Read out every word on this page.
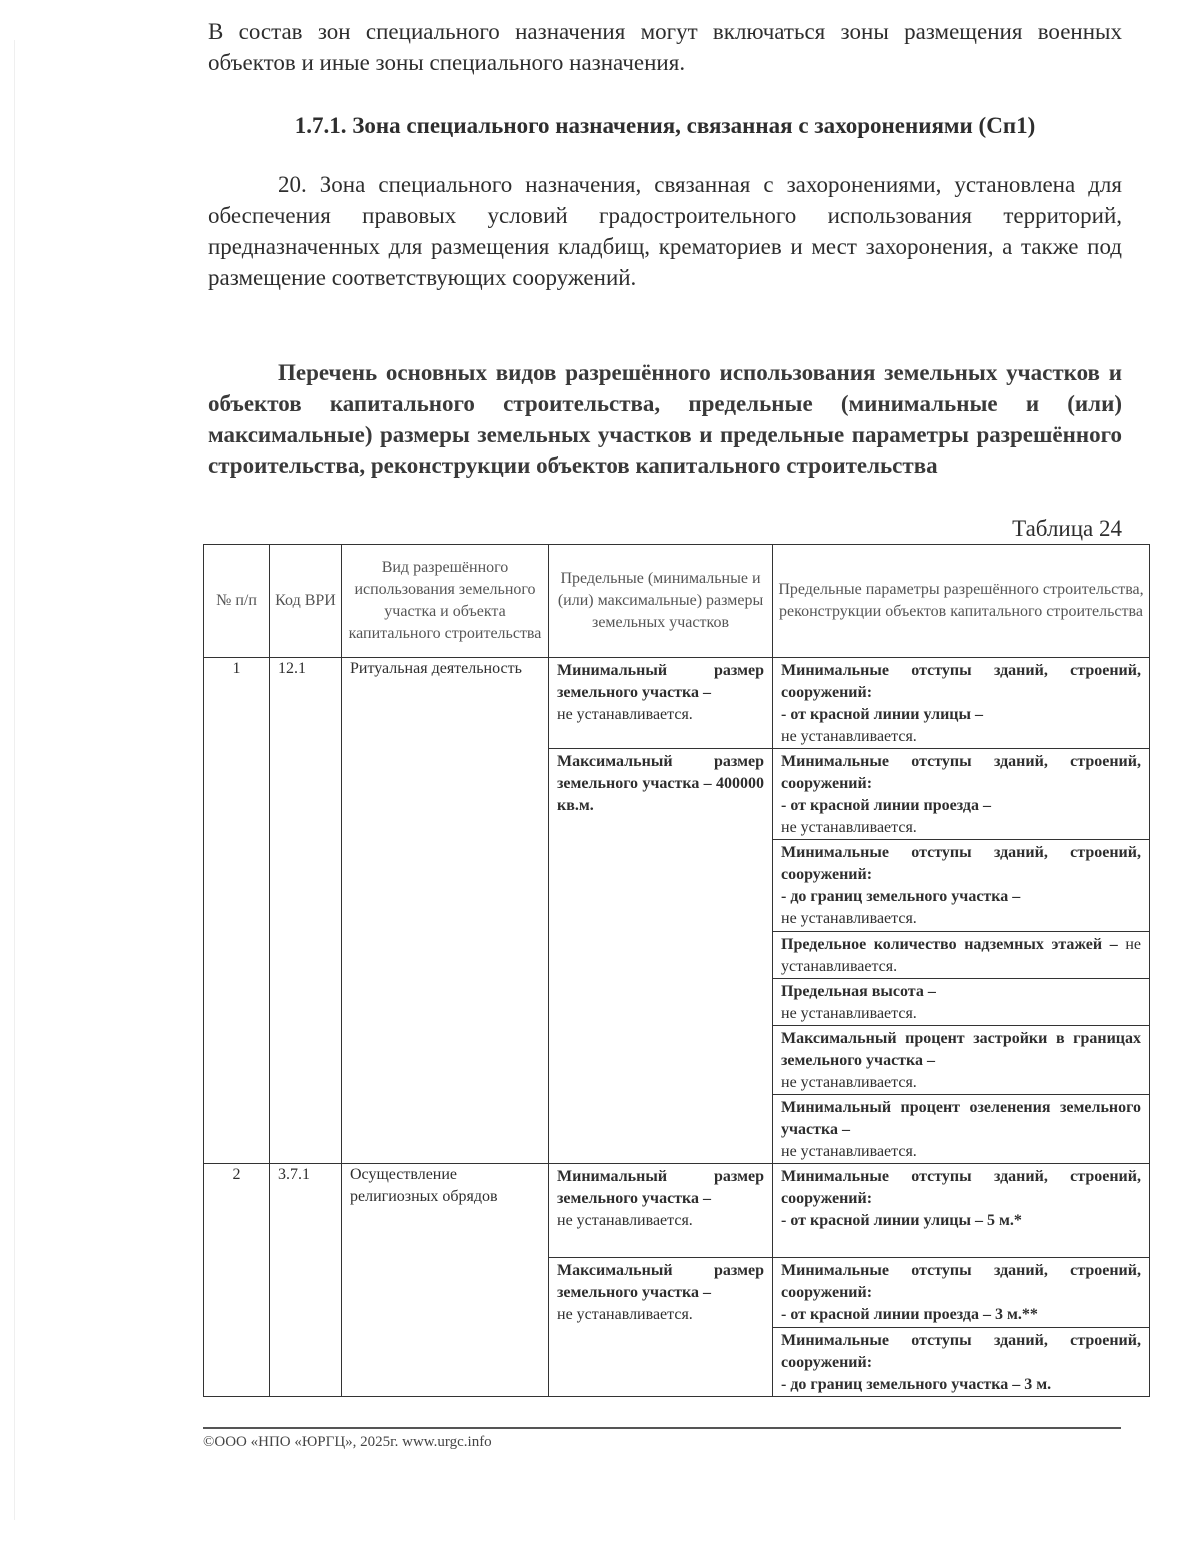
В состав зон специального назначения могут включаться зоны размещения военных объектов и иные зоны специального назначения.

1.7.1. Зона специального назначения, связанная с захоронениями (Сп1)

20. Зона специального назначения, связанная с захоронениями, установлена для обеспечения правовых условий градостроительного использования территорий, предназначенных для размещения кладбищ, крематориев и мест захоронения, а также под размещение соответствующих сооружений.

Перечень основных видов разрешённого использования земельных участков и объектов капитального строительства, предельные (минимальные и (или) максимальные) размеры земельных участков и предельные параметры разрешённого строительства, реконструкции объектов капитального строительства

Таблица 24
№ п/п	Код ВРИ	Вид разрешённого использования земельного участка и объекта капитального строительства	Предельные (минимальные и (или) максимальные) размеры земельных участков	Предельные параметры разрешённого строительства, реконструкции объектов капитального строительства
1	12.1	Ритуальная деятельность	Минимальный размер земельного участка –
не устанавливается.	Минимальные отступы зданий, строений, сооружений:
- от красной линии улицы –
не устанавливается.

			Максимальный размер земельного участка – 400000 кв.м.	Минимальные отступы зданий, строений, сооружений:
- от красной линии проезда –
не устанавливается.

				Минимальные отступы зданий, строений, сооружений:
- до границ земельного участка –
не устанавливается.

				Предельное количество надземных этажей – не устанавливается.

				Предельная высота –
не устанавливается.

				Максимальный процент застройки в границах земельного участка –
не устанавливается.

				Минимальный процент озеленения земельного участка –
не устанавливается.

2	3.7.1	Осуществление религиозных обрядов	Минимальный размер земельного участка –
не устанавливается.	Минимальные отступы зданий, строений, сооружений:
- от красной линии улицы – 5 м.*

			Максимальный размер земельного участка –
не устанавливается.	Минимальные отступы зданий, строений, сооружений:
- от красной линии проезда – 3 м.**

				Минимальные отступы зданий, строений, сооружений:
- до границ земельного участка – 3 м.
©ООО «НПО «ЮРГЦ», 2025г. www.urgc.info
